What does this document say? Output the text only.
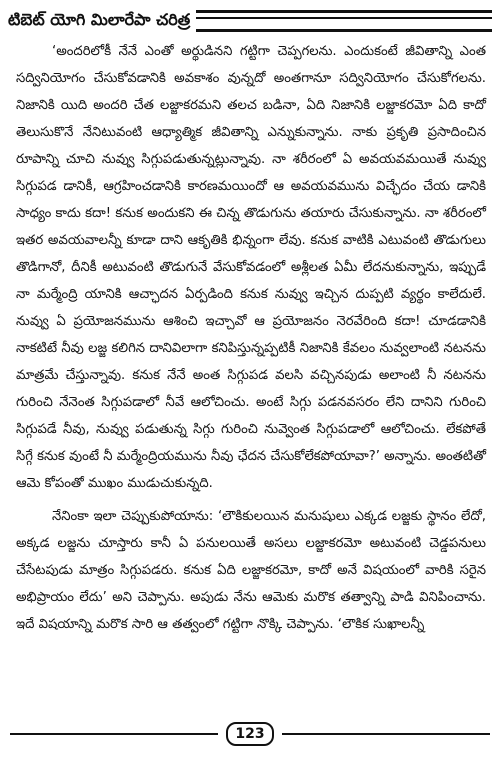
టిబెట్ యోగి మిలారేపా చరిత్ర

‘అందరిలోకీ నేనే ఎంతో అర్థుడినని గట్టిగా చెప్పగలను. ఎందుకంటే జీవితాన్ని ఎంత సద్వినియోగం చేసుకోవడానికి అవకాశం వున్నదో అంతగానూ సద్వినియోగం చేసుకోగలను. నిజానికి యిది అందరి చేత లజ్జాకరమని తలచ బడినా, ఏది నిజానికి లజ్జాకరమో ఏది కాదో తెలుసుకొనే నేనిటువంటి ఆధ్యాత్మిక జీవితాన్ని ఎన్నుకున్నాను. నాకు ప్రకృతి ప్రసాదించిన రూపాన్ని చూచి నువ్వు సిగ్గుపడుతున్నట్లున్నావు. నా శరీరంలో ఏ అవయవమయితే నువ్వు సిగ్గుపడ డానికీ, ఆగ్రహించడానికి కారణమయిందో ఆ అవయవమును విచ్ఛేదం చేయ డానికి సాధ్యం కాదు కదా! కనుక అందుకని ఈ చిన్న తొడుగును తయారు చేసుకున్నాను. నా శరీరంలో ఇతర అవయవాలన్నీ కూడా దాని ఆకృతికి భిన్నంగా లేవు. కనుక వాటికి ఎటువంటి తొడుగులు తొడిగానో, దీనికీ అటువంటి తొడుగునే వేసుకోవడంలో అశ్లీలత ఏమీ లేదనుకున్నాను, ఇప్పుడే నా మర్మేంద్రి యానికి ఆచ్ఛాదన ఏర్పడింది కనుక నువ్వు ఇచ్చిన దుప్పటి వ్యర్థం కాలేదులే. నువ్వు ఏ ప్రయోజనమును ఆశించి ఇచ్చావో ఆ ప్రయోజనం నెరవేరింది కదా! చూడడానికి నాకటిటే నీవు లజ్జ కలిగిన దానివిలాగా కనిపిస్తున్నప్పటికీ నిజానికి కేవలం నువ్వలాంటి నటనను మాత్రమే చేస్తున్నావు. కనుక నేనే అంత సిగ్గుపడ వలసి వచ్చినపుడు అలాంటి నీ నటనను గురించి నేనెంత సిగ్గుపడాలో నీవే ఆలోచించు. అంటే సిగ్గు పడనవసరం లేని దానిని గురించి సిగ్గుపడే నీవు, నువ్వు పడుతున్న సిగ్గు గురించి నువ్వెంత సిగ్గుపడాలో ఆలోచించు. లేకపోతే సిగ్గే కనుక వుంటే నీ మర్మేంద్రియమును నీవు ఛేదన చేసుకోలేకపోయావా?’ అన్నాను. అంతటితో ఆమె కోపంతో ముఖం ముడుచుకున్నది.

నేనింకా ఇలా చెప్పుకుపోయాను: ‘లౌకికులయిన మనుషులు ఎక్కడ లజ్జకు స్థానం లేదో, అక్కడ లజ్జను చూస్తారు కానీ ఏ పనులయితే అసలు లజ్జాకరమో అటువంటి చెడ్డపనులు చేసేటపుడు మాత్రం సిగ్గుపడరు. కనుక ఏది లజ్జాకరమో, కాదో అనే విషయంలో వారికి సరైన అభిప్రాయం లేదు’ అని చెప్పాను. అపుడు నేను ఆమెకు మరొక తత్వాన్ని పాడి వినిపించాను. ఇదే విషయాన్ని మరొక సారి ఆ తత్వంలో గట్టిగా నొక్కి చెప్పాను. ‘లౌకిక సుఖాలన్నీ

123
